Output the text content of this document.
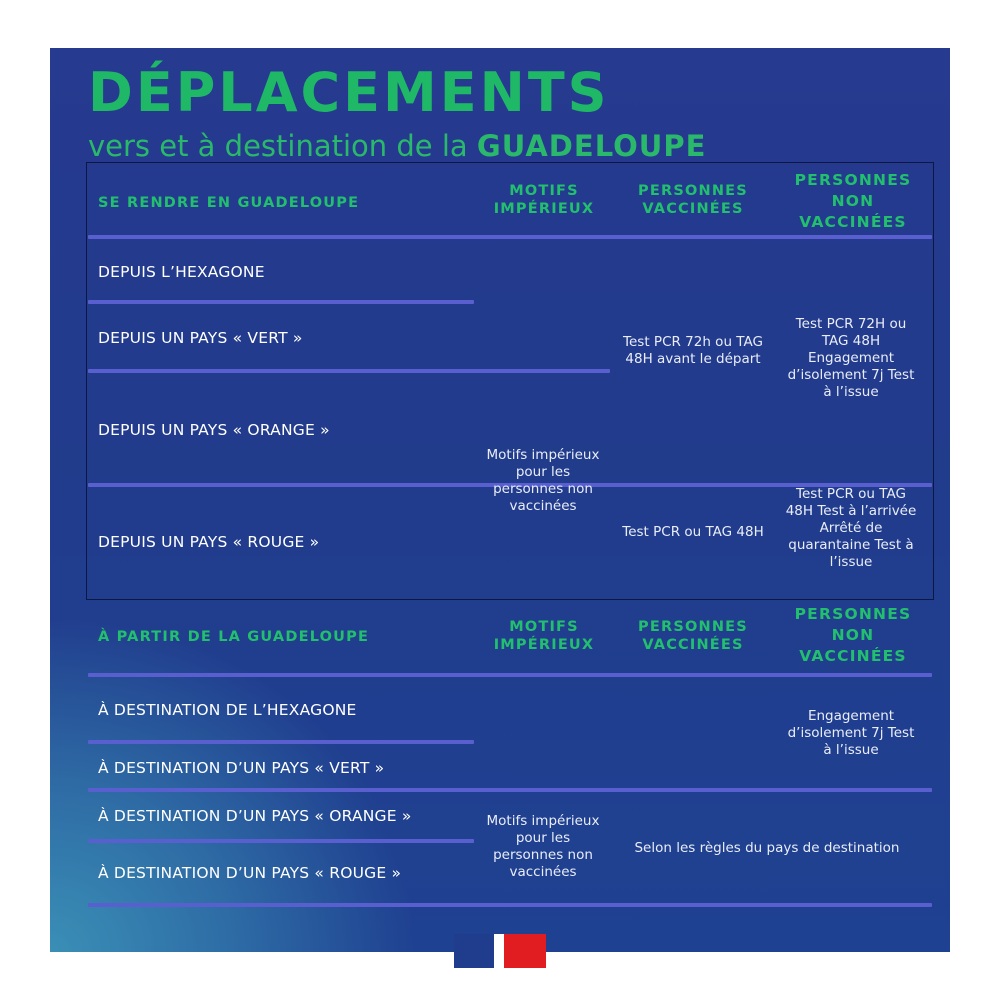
DÉPLACEMENTS

vers et à destination de la GUADELOUPE

SE RENDRE EN GUADELOUPE
MOTIFS IMPÉRIEUX
PERSONNES VACCINÉES
PERSONNES NON VACCINÉES
DEPUIS L’HEXAGONE
DEPUIS UN PAYS « VERT »
DEPUIS UN PAYS « ORANGE »
DEPUIS UN PAYS « ROUGE »
Motifs impérieux pour les personnes non vaccinées
Test PCR 72h ou TAG 48H avant le départ
Test PCR 72H ou TAG 48H Engagement d’isolement 7j Test à l’issue
Test PCR ou TAG 48H
Test PCR ou TAG 48H Test à l’arrivée Arrêté de quarantaine Test à l’issue
À PARTIR DE LA GUADELOUPE
MOTIFS IMPÉRIEUX
PERSONNES VACCINÉES
PERSONNES NON VACCINÉES
À DESTINATION DE L’HEXAGONE
À DESTINATION D’UN PAYS « VERT »
À DESTINATION D’UN PAYS « ORANGE »
À DESTINATION D’UN PAYS « ROUGE »
Engagement d’isolement 7j Test à l’issue
Motifs impérieux pour les personnes non vaccinées
Selon les règles du pays de destination
